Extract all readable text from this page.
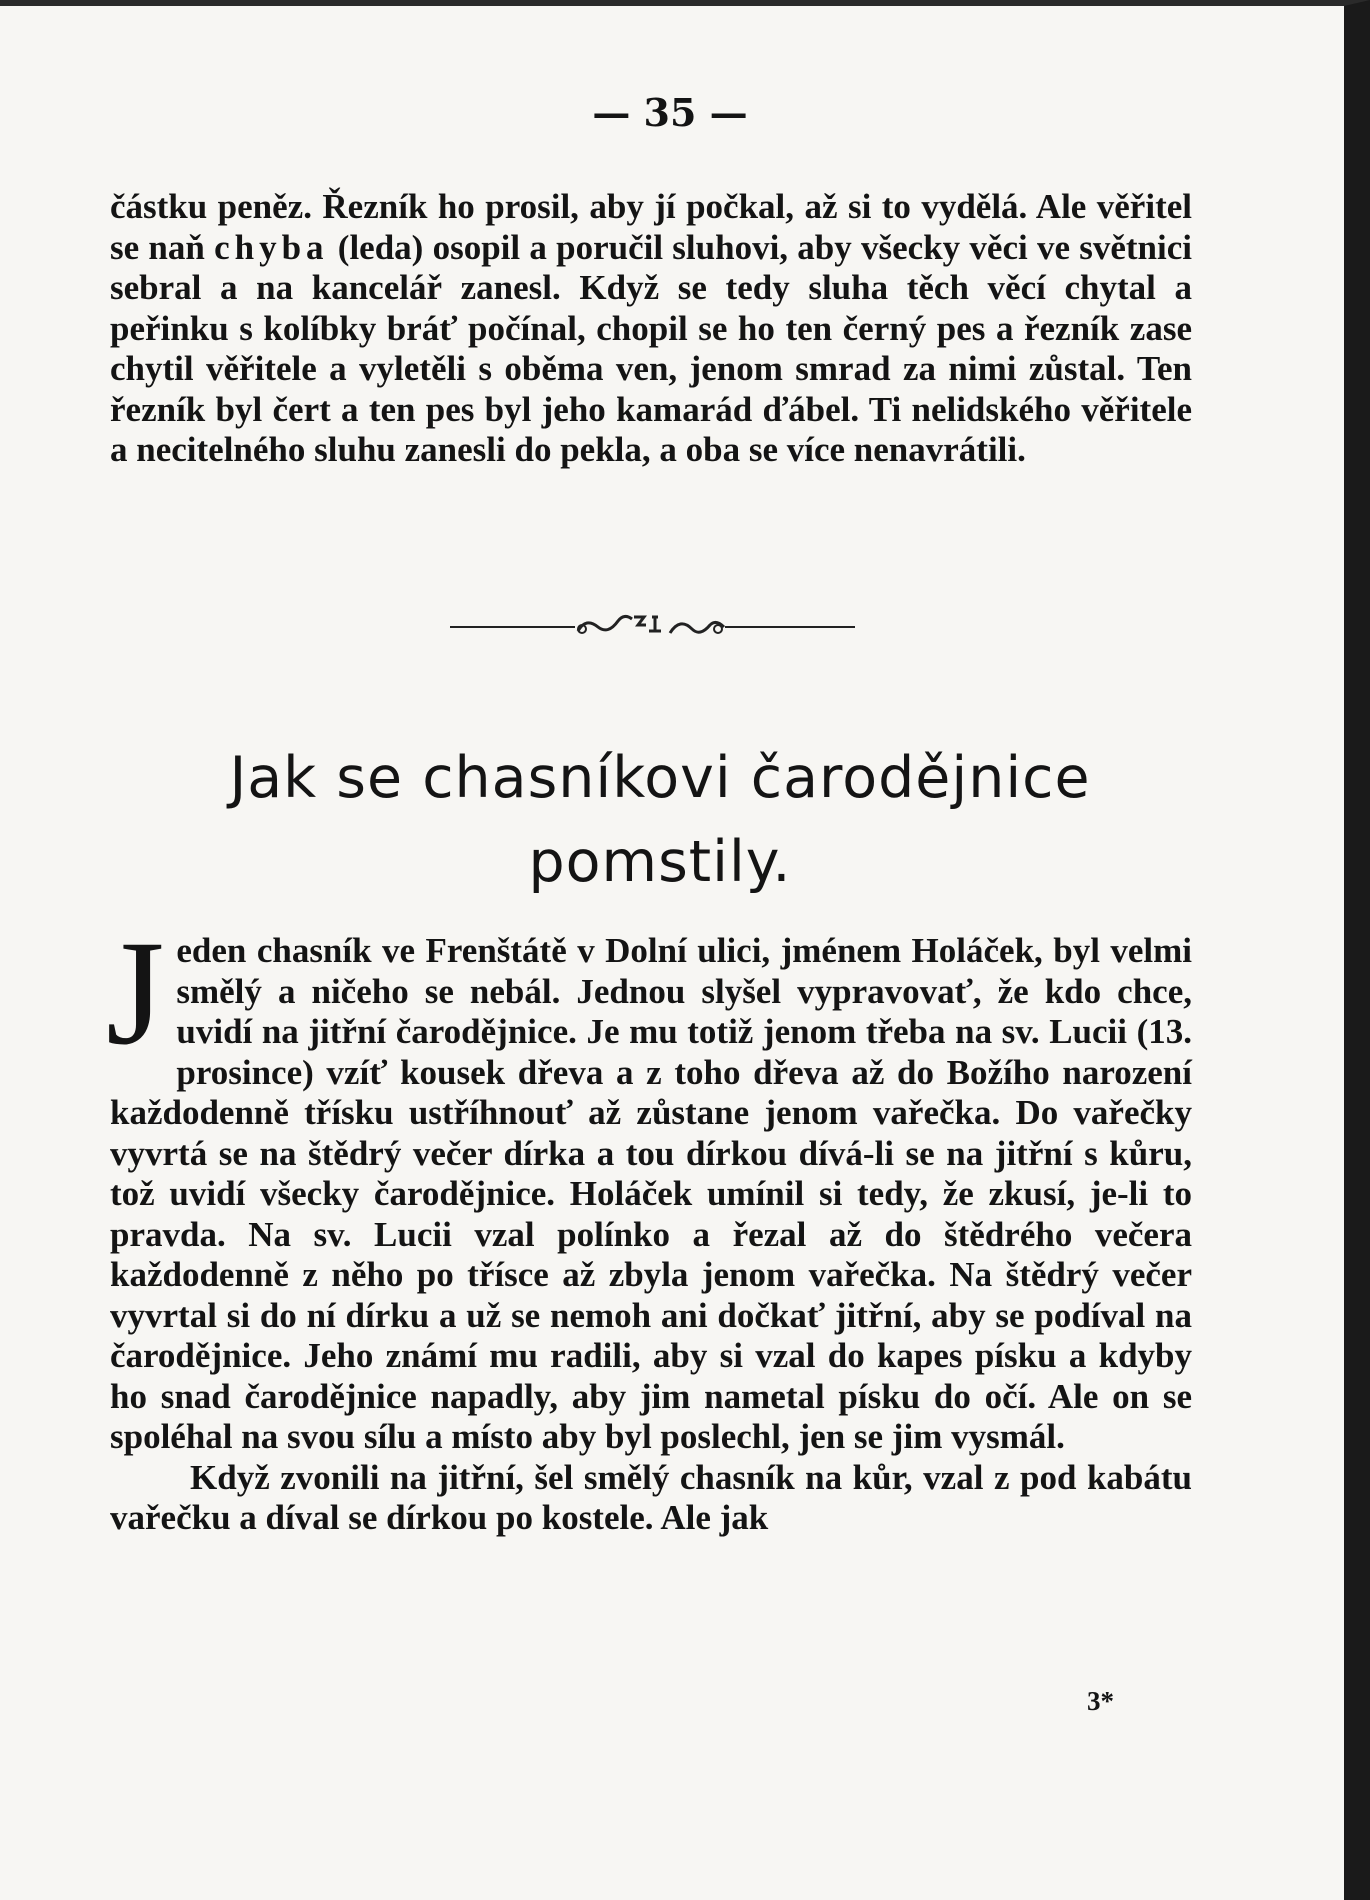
— 35 —

částku peněz. Řezník ho prosil, aby jí počkal, až si to vydělá. Ale věřitel se naň chyba (leda) osopil a poručil sluhovi, aby všecky věci ve světnici sebral a na kancelář zanesl. Když se tedy sluha těch věcí chytal a peřinku s kolíbky bráť počínal, chopil se ho ten černý pes a řezník zase chytil věřitele a vyletěli s oběma ven, jenom smrad za nimi zůstal. Ten řezník byl čert a ten pes byl jeho kamarád ďábel. Ti nelidského věřitele a necitelného sluhu zanesli do pekla, a oba se více nenavrátili.

Jak se chasníkovi čarodějnice pomstily.

Jeden chasník ve Frenštátě v Dolní ulici, jménem Holáček, byl velmi smělý a ničeho se nebál. Jednou slyšel vypravovať, že kdo chce, uvidí na jitřní čarodějnice. Je mu totiž jenom třeba na sv. Lucii (13. prosince) vzíť kousek dřeva a z toho dřeva až do Božího narození každodenně třísku ustříhnouť až zůstane jenom vařečka. Do vařečky vyvrtá se na štědrý večer dírka a tou dírkou dívá-li se na jitřní s kůru, tož uvidí všecky čarodějnice. Holáček umínil si tedy, že zkusí, je-li to pravda. Na sv. Lucii vzal polínko a řezal až do štědrého večera každodenně z něho po třísce až zbyla jenom vařečka. Na štědrý večer vyvrtal si do ní dírku a už se nemoh ani dočkať jitřní, aby se podíval na čarodějnice. Jeho známí mu radili, aby si vzal do kapes písku a kdyby ho snad čarodějnice napadly, aby jim nametal písku do očí. Ale on se spoléhal na svou sílu a místo aby byl poslechl, jen se jim vysmál.

Když zvonili na jitřní, šel smělý chasník na kůr, vzal z pod kabátu vařečku a díval se dírkou po kostele. Ale jak

3*
